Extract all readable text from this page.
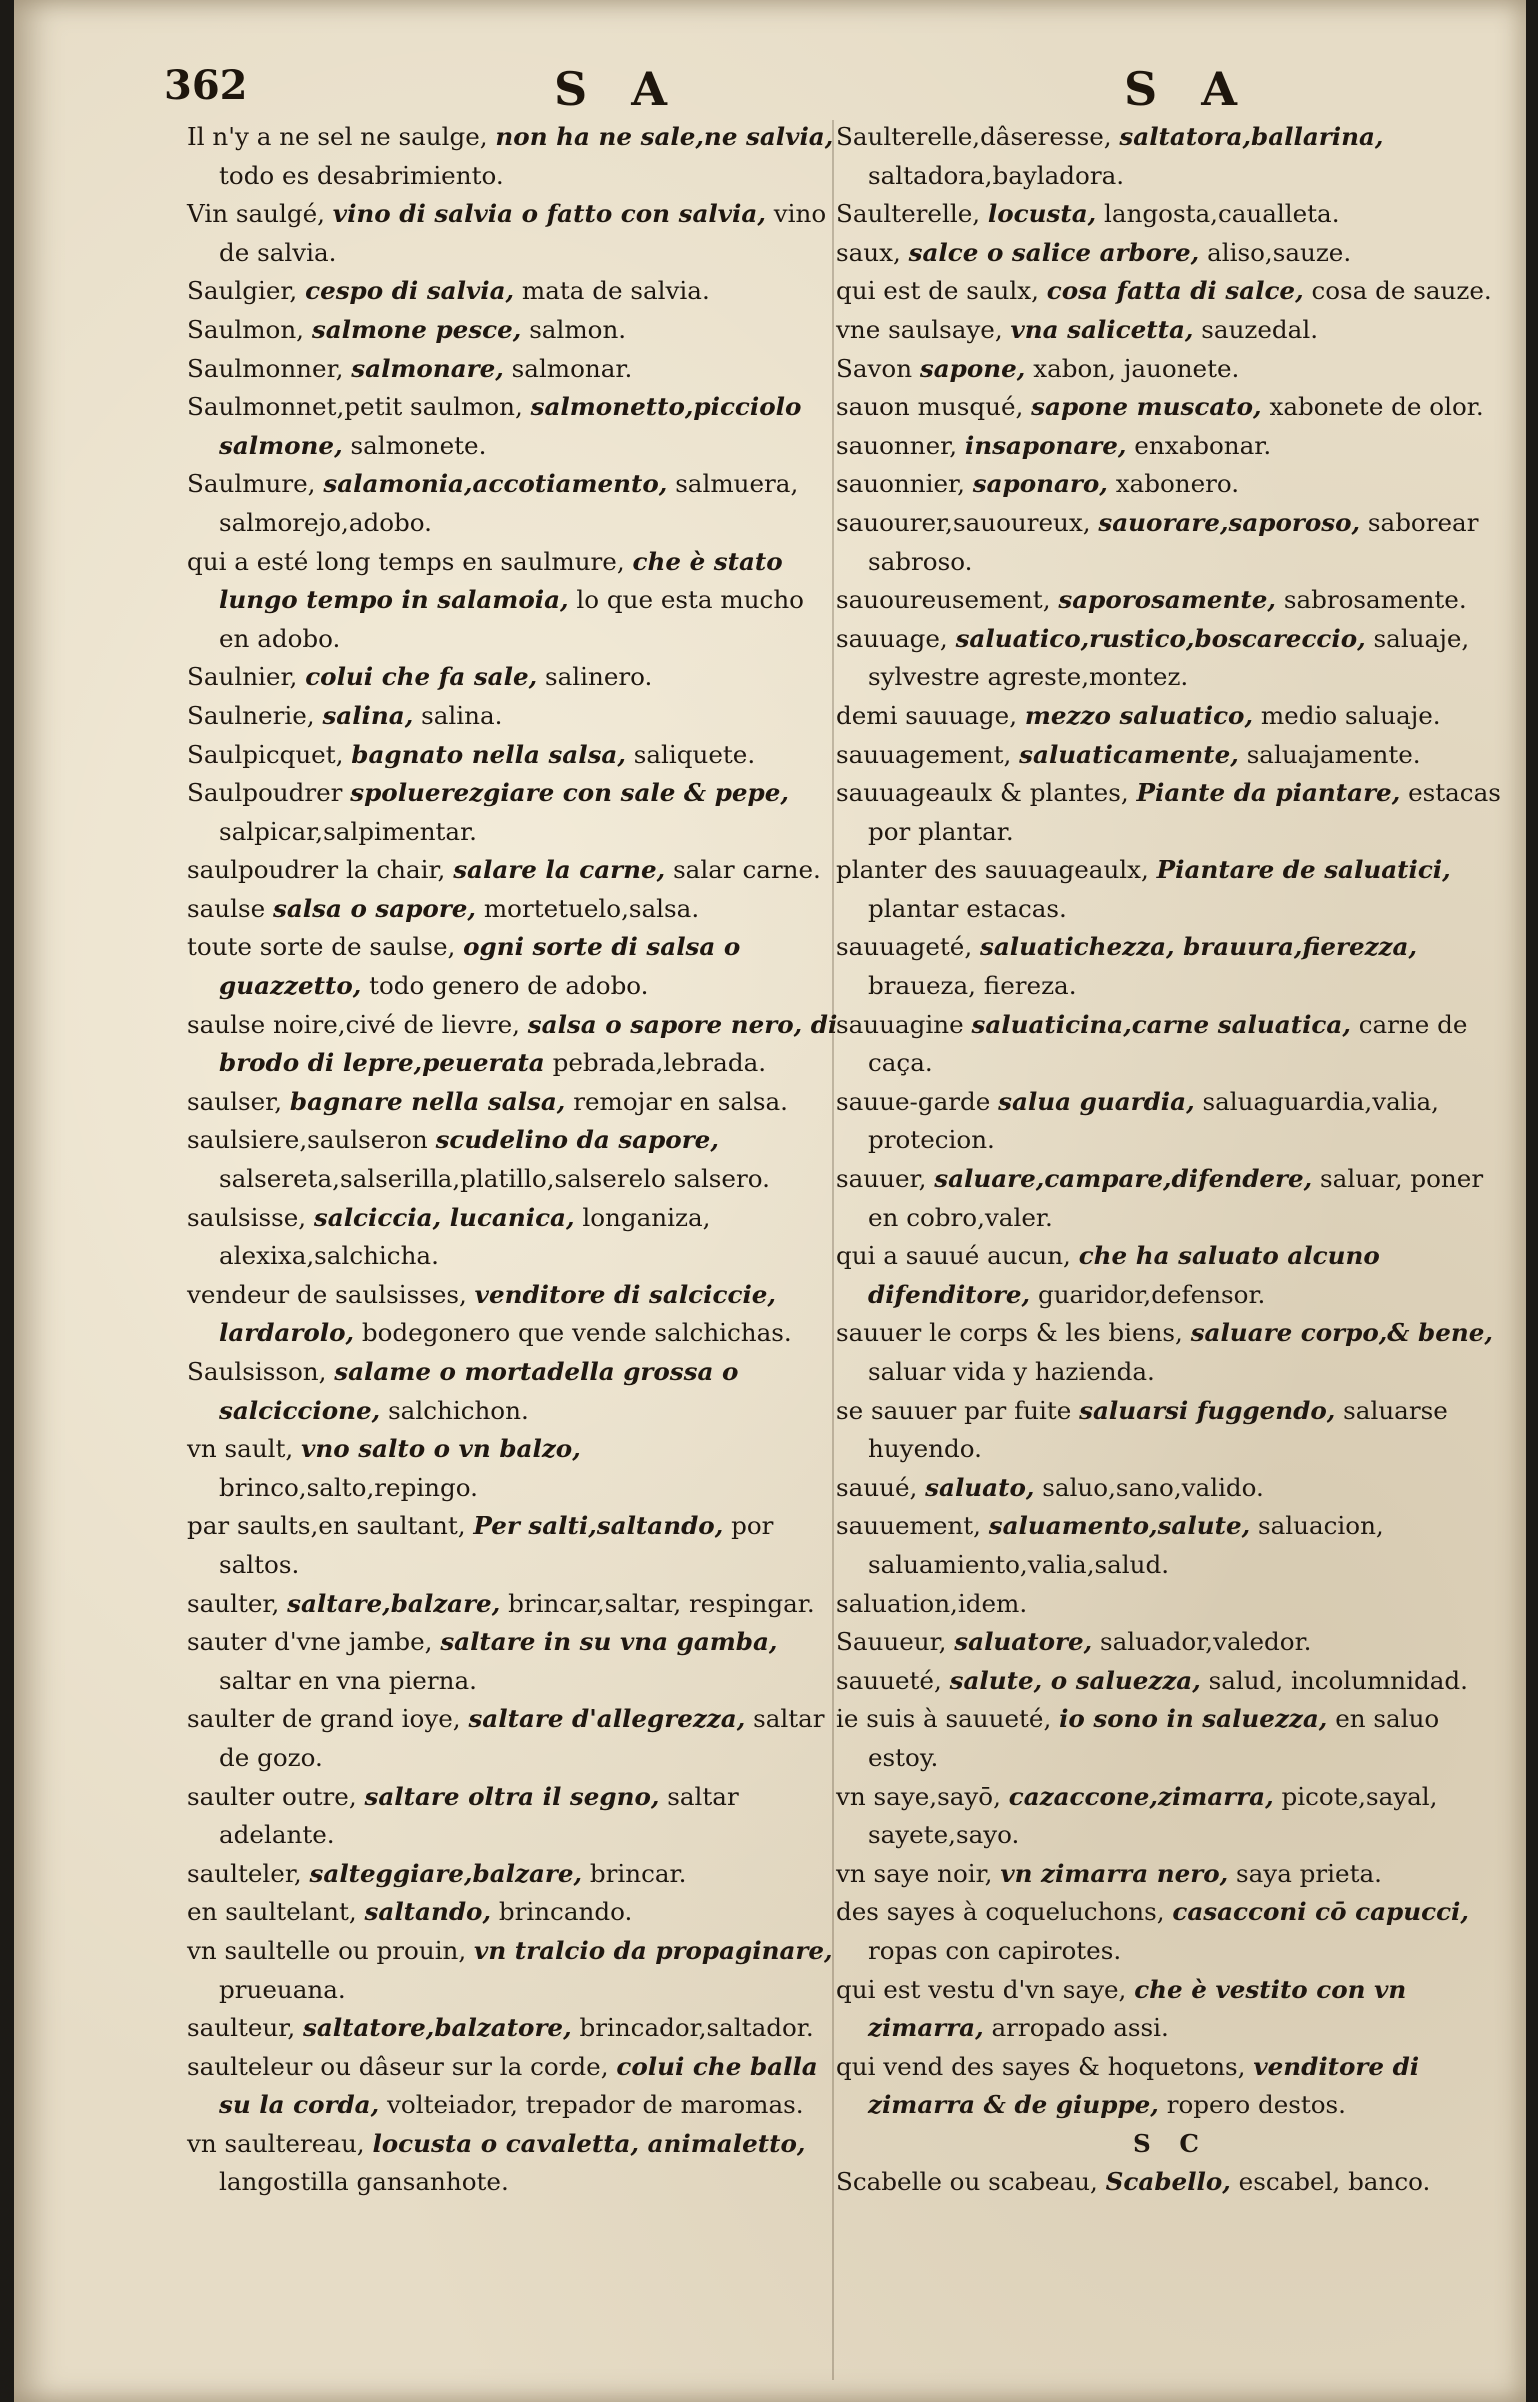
362	S A	S A

Il n'y a ne sel ne saulge, non ha ne sale,ne salvia, todo es desabrimiento.

Vin saulgé, vino di salvia o fatto con salvia, vino de salvia.

Saulgier, cespo di salvia, mata de salvia.

Saulmon, salmone pesce, salmon.

Saulmonner, salmonare, salmonar.

Saulmonnet,petit saulmon, salmonetto,picciolo salmone, salmonete.

Saulmure, salamonia,accotiamento, salmuera, salmorejo,adobo.

qui a esté long temps en saulmure, che è stato lungo tempo in salamoia, lo que esta mucho en adobo.

Saulnier, colui che fa sale, salinero.

Saulnerie, salina, salina.

Saulpicquet, bagnato nella salsa, saliquete.

Saulpoudrer spoluerezgiare con sale & pepe, salpicar,salpimentar.

saulpoudrer la chair, salare la carne, salar carne.

saulse salsa o sapore, mortetuelo,salsa.

toute sorte de saulse, ogni sorte di salsa o guazzetto, todo genero de adobo.

saulse noire,civé de lievre, salsa o sapore nero, di brodo di lepre,peuerata pebrada,lebrada.

saulser, bagnare nella salsa, remojar en salsa.

saulsiere,saulseron scudelino da sapore, salsereta,salserilla,platillo,salserelo salsero.

saulsisse, salciccia, lucanica, longaniza, alexixa,salchicha.

vendeur de saulsisses, venditore di salciccie, lardarolo, bodegonero que vende salchichas.

Saulsisson, salame o mortadella grossa o salciccione, salchichon.

vn sault, vno salto o vn balzo, brinco,salto,repingo.

par saults,en saultant, Per salti,saltando, por saltos.

saulter, saltare,balzare, brincar,saltar, respingar.

sauter d'vne jambe, saltare in su vna gamba, saltar en vna pierna.

saulter de grand ioye, saltare d'allegrezza, saltar de gozo.

saulter outre, saltare oltra il segno, saltar adelante.

saulteler, salteggiare,balzare, brincar.

en saultelant, saltando, brincando.

vn saultelle ou prouin, vn tralcio da propaginare, prueuana.

saulteur, saltatore,balzatore, brincador,saltador.

saulteleur ou dâseur sur la corde, colui che balla su la corda, volteiador, trepador de maromas.

vn saultereau, locusta o cavaletta, animaletto, langostilla gansanhote.

Saulterelle,dâseresse, saltatora,ballarina, saltadora,bayladora.

Saulterelle, locusta, langosta,caualleta.

saux, salce o salice arbore, aliso,sauze.

qui est de saulx, cosa fatta di salce, cosa de sauze.

vne saulsaye, vna salicetta, sauzedal.

Savon sapone, xabon, jauonete.

sauon musqué, sapone muscato, xabonete de olor.

sauonner, insaponare, enxabonar.

sauonnier, saponaro, xabonero.

sauourer,sauoureux, sauorare,saporoso, saborear sabroso.

sauoureusement, saporosamente, sabrosamente.

sauuage, saluatico,rustico,boscareccio, saluaje, sylvestre agreste,montez.

demi sauuage, mezzo saluatico, medio saluaje.

sauuagement, saluaticamente, saluajamente.

sauuageaulx & plantes, Piante da piantare, estacas por plantar.

planter des sauuageaulx, Piantare de saluatici, plantar estacas.

sauuageté, saluatichezza, brauura,fierezza, braueza, fiereza.

sauuagine saluaticina,carne saluatica, carne de caça.

sauue-garde salua guardia, saluaguardia,valia, protecion.

sauuer, saluare,campare,difendere, saluar, poner en cobro,valer.

qui a sauué aucun, che ha saluato alcuno difenditore, guaridor,defensor.

sauuer le corps & les biens, saluare corpo,& bene, saluar vida y hazienda.

se sauuer par fuite saluarsi fuggendo, saluarse huyendo.

sauué, saluato, saluo,sano,valido.

sauuement, saluamento,salute, saluacion, saluamiento,valia,salud.

saluation,idem.

Sauueur, saluatore, saluador,valedor.

sauueté, salute, o saluezza, salud, incolumnidad.

ie suis à sauueté, io sono in saluezza, en saluo estoy.

vn saye,sayō, cazaccone,zimarra, picote,sayal, sayete,sayo.

vn saye noir, vn zimarra nero, saya prieta.

des sayes à coqueluchons, casacconi cō capucci, ropas con capirotes.

qui est vestu d'vn saye, che è vestito con vn zimarra, arropado assi.

qui vend des sayes & hoquetons, venditore di zimarra & de giuppe, ropero destos.

S C

Scabelle ou scabeau, Scabello, escabel, banco.
